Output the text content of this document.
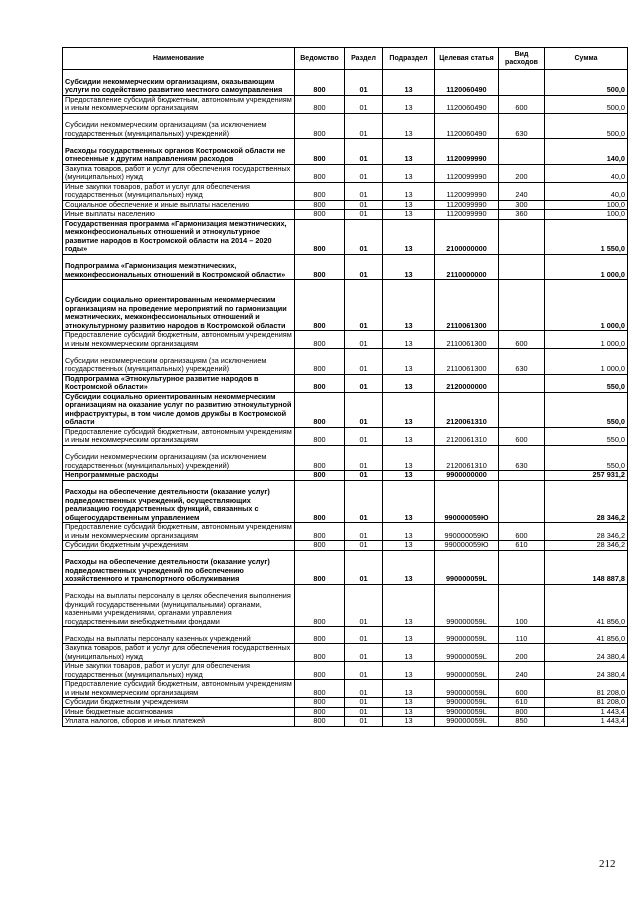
Наименование	Ведомство	Раздел	Подраздел	Целевая статья	Вид расходов	Сумма
Субсидии некоммерческим организациям, оказывающим услуги по содействию развитию местного самоуправления	800	01	13	1120060490		500,0
Предоставление субсидий бюджетным, автономным учреждениям и иным некоммерческим организациям	800	01	13	1120060490	600	500,0
Субсидии некоммерческим организациям (за исключением государственных (муниципальных) учреждений)	800	01	13	1120060490	630	500,0
Расходы государственных органов Костромской области не отнесенные к другим направлениям расходов	800	01	13	1120099990		140,0
Закупка товаров, работ и услуг для обеспечения государственных (муниципальных) нужд	800	01	13	1120099990	200	40,0
Иные закупки товаров, работ и услуг для обеспечения государственных (муниципальных) нужд	800	01	13	1120099990	240	40,0
Социальное обеспечение и иные выплаты населению	800	01	13	1120099990	300	100,0
Иные выплаты населению	800	01	13	1120099990	360	100,0
Государственная программа «Гармонизация межэтнических, межконфессиональных отношений и этнокультурное развитие народов в Костромской области на 2014 – 2020 годы»	800	01	13	2100000000		1 550,0
Подпрограмма «Гармонизация межэтнических, межконфессиональных отношений в Костромской области»	800	01	13	2110000000		1 000,0
Субсидии социально ориентированным некоммерческим организациям на проведение мероприятий по гармонизации межэтнических, межконфессиональных отношений и этнокультурному развитию народов в Костромской области	800	01	13	2110061300		1 000,0
Предоставление субсидий бюджетным, автономным учреждениям и иным некоммерческим организациям	800	01	13	2110061300	600	1 000,0
Субсидии некоммерческим организациям (за исключением государственных (муниципальных) учреждений)	800	01	13	2110061300	630	1 000,0
Подпрограмма «Этнокультурное развитие народов в Костромской области»	800	01	13	2120000000		550,0
Субсидии социально ориентированным некоммерческим организациям на оказание услуг по развитию этнокультурной инфраструктуры, в том числе домов дружбы в Костромской области	800	01	13	2120061310		550,0
Предоставление субсидий бюджетным, автономным учреждениям и иным некоммерческим организациям	800	01	13	2120061310	600	550,0
Субсидии некоммерческим организациям (за исключением государственных (муниципальных) учреждений)	800	01	13	2120061310	630	550,0
Непрограммные расходы	800	01	13	9900000000		257 931,2
Расходы на обеспечение деятельности (оказание услуг) подведомственных учреждений, осуществляющих реализацию государственных функций, связанных с общегосударственным управлением	800	01	13	990000059Ю		28 346,2
Предоставление субсидий бюджетным, автономным учреждениям и иным некоммерческим организациям	800	01	13	990000059Ю	600	28 346,2
Субсидии бюджетным учреждениям	800	01	13	990000059Ю	610	28 346,2
Расходы на обеспечение деятельности (оказание услуг) подведомственных учреждений по обеспечению хозяйственного и транспортного обслуживания	800	01	13	990000059L		148 887,8
Расходы на выплаты персоналу в целях обеспечения выполнения функций государственными (муниципальными) органами, казенными учреждениями, органами управления государственными внебюджетными фондами	800	01	13	990000059L	100	41 856,0
Расходы на выплаты персоналу казенных учреждений	800	01	13	990000059L	110	41 856,0
Закупка товаров, работ и услуг для обеспечения государственных (муниципальных) нужд	800	01	13	990000059L	200	24 380,4
Иные закупки товаров, работ и услуг для обеспечения государственных (муниципальных) нужд	800	01	13	990000059L	240	24 380,4
Предоставление субсидий бюджетным, автономным учреждениям и иным некоммерческим организациям	800	01	13	990000059L	600	81 208,0
Субсидии бюджетным учреждениям	800	01	13	990000059L	610	81 208,0
Иные бюджетные ассигнования	800	01	13	990000059L	800	1 443,4
Уплата налогов, сборов и иных платежей	800	01	13	990000059L	850	1 443,4
212
